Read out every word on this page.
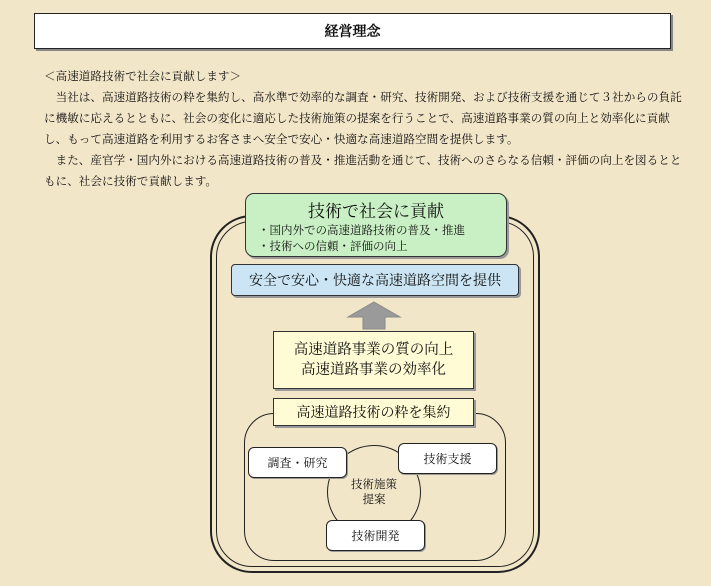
経営理念

＜高速道路技術で社会に貢献します＞

当社は、高速道路技術の粋を集約し、高水準で効率的な調査・研究、技術開発、および技術支援を通じて３社からの負託に機敏に応えるとともに、社会の変化に適応した技術施策の提案を行うことで、高速道路事業の質の向上と効率化に貢献し、もって高速道路を利用するお客さまへ安全で安心・快適な高速道路空間を提供します。

また、産官学・国内外における高速道路技術の普及・推進活動を通じて、技術へのさらなる信頼・評価の向上を図るとともに、社会に技術で貢献します。

技術で社会に貢献
・国内外での高速道路技術の普及・推進
・技術への信頼・評価の向上
安全で安心・快適な高速道路空間を提供
高速道路事業の質の向上
高速道路事業の効率化
高速道路技術の粋を集約
技術施策
提案
調査・研究	技術支援
技術開発
